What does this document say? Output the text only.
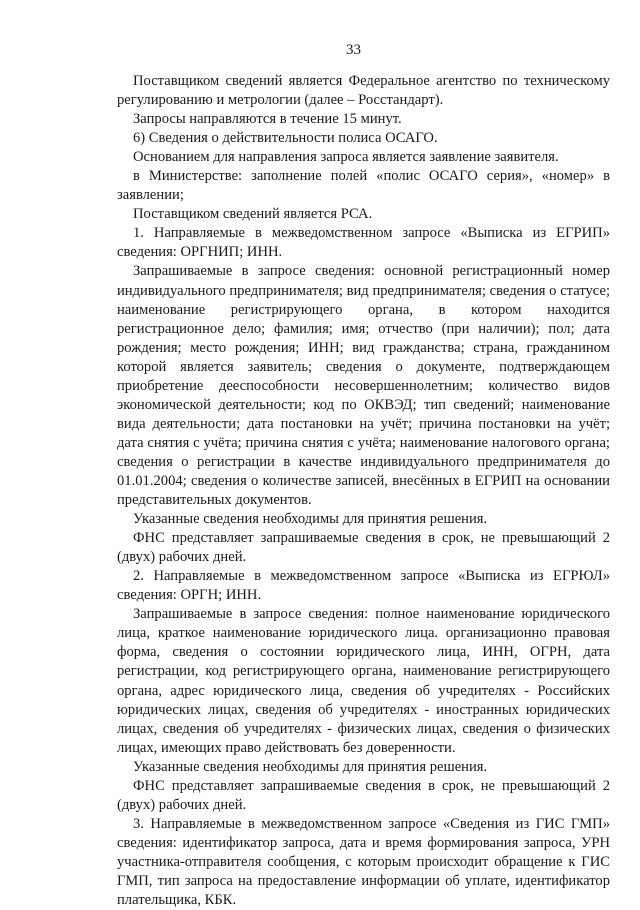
33

Поставщиком сведений является Федеральное агентство по техническому регулированию и метрологии (далее – Росстандарт).

Запросы направляются в течение 15 минут.

6) Сведения о действительности полиса ОСАГО.

Основанием для направления запроса является заявление заявителя.

в Министерстве: заполнение полей «полис ОСАГО серия», «номер» в заявлении;

Поставщиком сведений является РСА.

1. Направляемые в межведомственном запросе «Выписка из ЕГРИП» сведения: ОРГНИП; ИНН.

Запрашиваемые в запросе сведения: основной регистрационный номер индивидуального предпринимателя; вид предпринимателя; сведения о статусе; наименование регистрирующего органа, в котором находится регистрационное дело; фамилия; имя; отчество (при наличии); пол; дата рождения; место рождения; ИНН; вид гражданства; страна, гражданином которой является заявитель; сведения о документе, подтверждающем приобретение дееспособности несовершеннолетним; количество видов экономической деятельности; код по ОКВЭД; тип сведений; наименование вида деятельности; дата постановки на учёт; причина постановки на учёт; дата снятия с учёта; причина снятия с учёта; наименование налогового органа; сведения о регистрации в качестве индивидуального предпринимателя до 01.01.2004; сведения о количестве записей, внесённых в ЕГРИП на основании представительных документов.

Указанные сведения необходимы для принятия решения.

ФНС представляет запрашиваемые сведения в срок, не превышающий 2 (двух) рабочих дней.

2. Направляемые в межведомственном запросе «Выписка из ЕГРЮЛ» сведения: ОРГН; ИНН.

Запрашиваемые в запросе сведения: полное наименование юридического лица, краткое наименование юридического лица. организационно правовая форма, сведения о состоянии юридического лица, ИНН, ОГРН, дата регистрации, код регистрирующего органа, наименование регистрирующего органа, адрес юридического лица, сведения об учредителях - Российских юридических лицах, сведения об учредителях - иностранных юридических лицах, сведения об учредителях - физических лицах, сведения о физических лицах, имеющих право действовать без доверенности.

Указанные сведения необходимы для принятия решения.

ФНС представляет запрашиваемые сведения в срок, не превышающий 2 (двух) рабочих дней.

3. Направляемые в межведомственном запросе «Сведения из ГИС ГМП» сведения: идентификатор запроса, дата и время формирования запроса, УРН участника-отправителя сообщения, с которым происходит обращение к ГИС ГМП, тип запроса на предоставление информации об уплате, идентификатор плательщика, КБК.
